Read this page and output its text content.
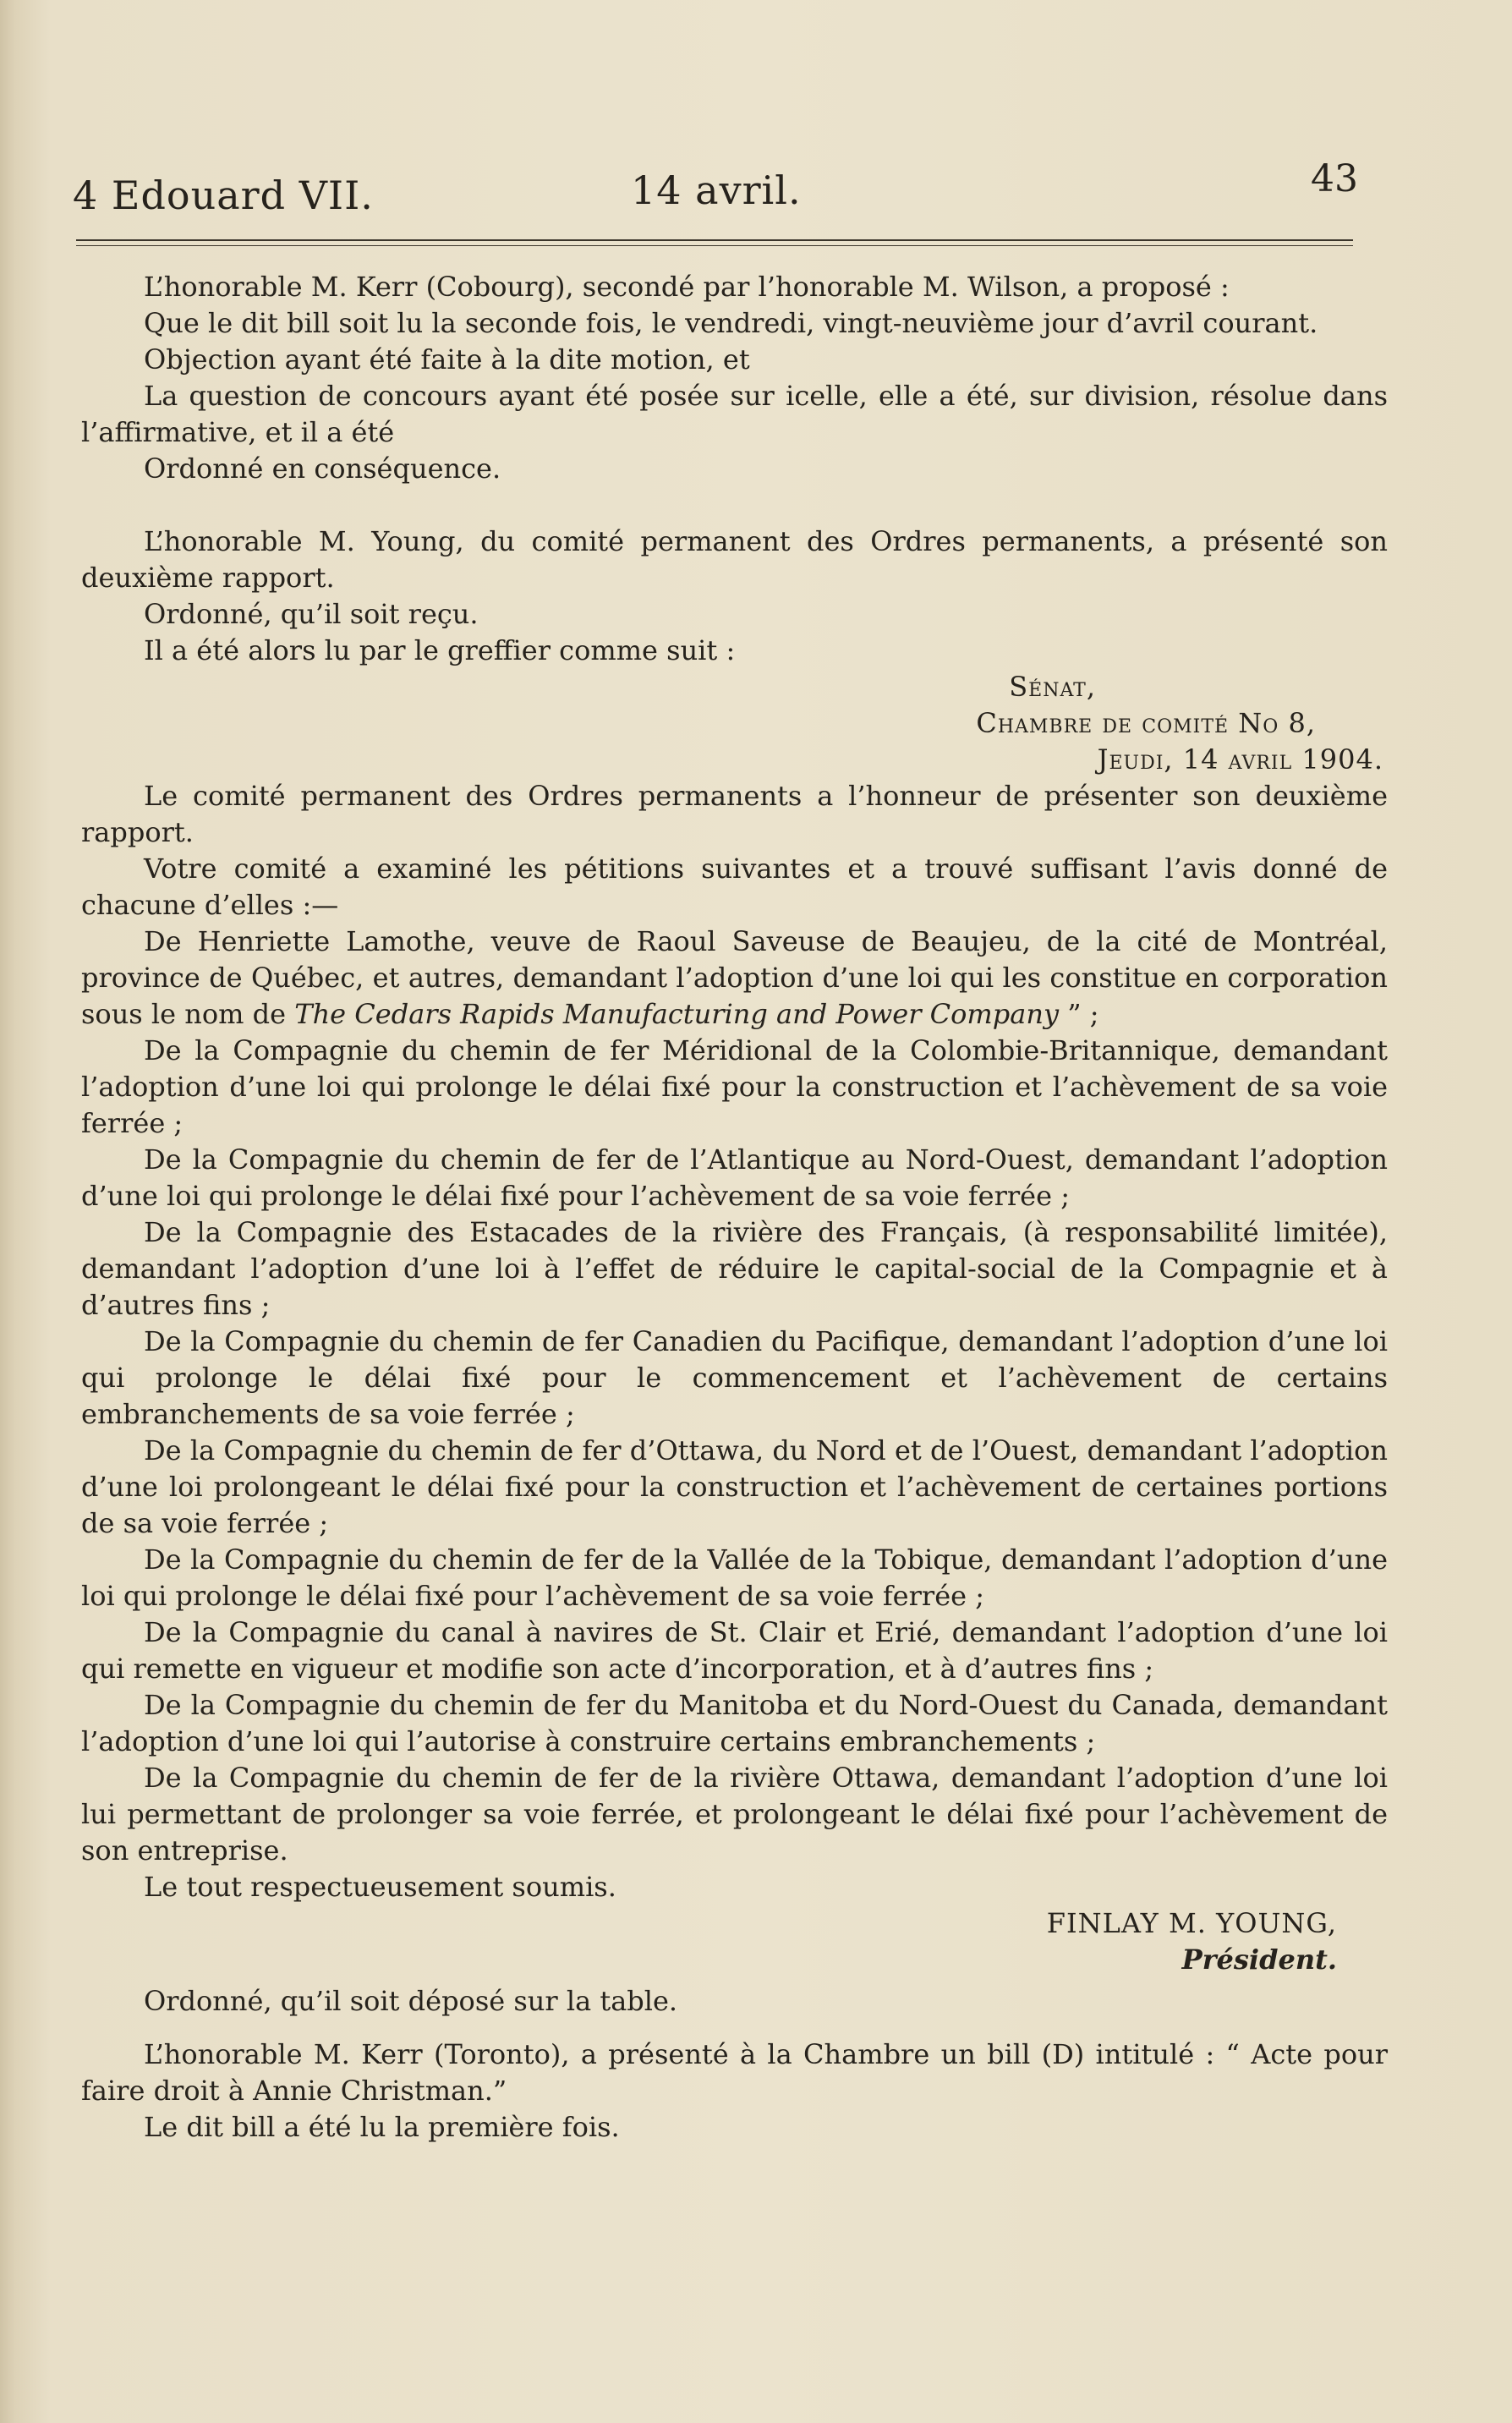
4 Edouard VII.	14 avril.	43

L’honorable M. Kerr (Cobourg), secondé par l’honorable M. Wilson, a proposé :

Que le dit bill soit lu la seconde fois, le vendredi, vingt-neuvième jour d’avril courant.

Objection ayant été faite à la dite motion, et

La question de concours ayant été posée sur icelle, elle a été, sur division, résolue dans l’affirmative, et il a été

Ordonné en conséquence.

L’honorable M. Young, du comité permanent des Ordres permanents, a présenté son deuxième rapport.

Ordonné, qu’il soit reçu.

Il a été alors lu par le greffier comme suit :

Sénat,

Chambre de comité No 8,

Jeudi, 14 avril 1904.

Le comité permanent des Ordres permanents a l’honneur de présenter son deuxième rapport.

Votre comité a examiné les pétitions suivantes et a trouvé suffisant l’avis donné de chacune d’elles :—

De Henriette Lamothe, veuve de Raoul Saveuse de Beaujeu, de la cité de Montréal, province de Québec, et autres, demandant l’adoption d’une loi qui les constitue en corporation sous le nom de The Cedars Rapids Manufacturing and Power Company ” ;

De la Compagnie du chemin de fer Méridional de la Colombie-Britannique, demandant l’adoption d’une loi qui prolonge le délai fixé pour la construction et l’achèvement de sa voie ferrée ;

De la Compagnie du chemin de fer de l’Atlantique au Nord-Ouest, demandant l’adoption d’une loi qui prolonge le délai fixé pour l’achèvement de sa voie ferrée ;

De la Compagnie des Estacades de la rivière des Français, (à responsabilité limitée), demandant l’adoption d’une loi à l’effet de réduire le capital-social de la Compagnie et à d’autres fins ;

De la Compagnie du chemin de fer Canadien du Pacifique, demandant l’adoption d’une loi qui prolonge le délai fixé pour le commencement et l’achèvement de certains embranchements de sa voie ferrée ;

De la Compagnie du chemin de fer d’Ottawa, du Nord et de l’Ouest, demandant l’adoption d’une loi prolongeant le délai fixé pour la construction et l’achèvement de certaines portions de sa voie ferrée ;

De la Compagnie du chemin de fer de la Vallée de la Tobique, demandant l’adoption d’une loi qui prolonge le délai fixé pour l’achèvement de sa voie ferrée ;

De la Compagnie du canal à navires de St. Clair et Erié, demandant l’adoption d’une loi qui remette en vigueur et modifie son acte d’incorporation, et à d’autres fins ;

De la Compagnie du chemin de fer du Manitoba et du Nord-Ouest du Canada, demandant l’adoption d’une loi qui l’autorise à construire certains embranchements ;

De la Compagnie du chemin de fer de la rivière Ottawa, demandant l’adoption d’une loi lui permettant de prolonger sa voie ferrée, et prolongeant le délai fixé pour l’achèvement de son entreprise.

Le tout respectueusement soumis.

FINLAY M. YOUNG,

Président.

Ordonné, qu’il soit déposé sur la table.

L’honorable M. Kerr (Toronto), a présenté à la Chambre un bill (D) intitulé : “ Acte pour faire droit à Annie Christman.”

Le dit bill a été lu la première fois.
